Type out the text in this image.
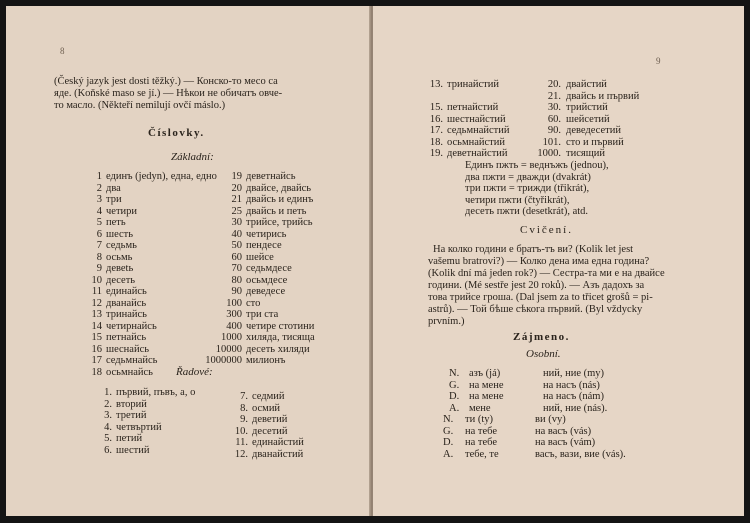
8
(Český jazyk jest dosti těžký.) — Конско-то месо са
яде. (Koňské maso se jí.) — Нѣкои не обичатъ овче-
то масло. (Někteří nemilují ovčí máslo.)
Číslovky.
Základní:
1
2
3
4
5
6
7
8
9
10
11
12
13
14
15
16
17
18
единъ (jedyn), една, едно
два
три
четири
петь
шесть
седьмь
осьмь
девеtь
десеть
единайсь
дванайсь
тринайсь
четирнайсь
петнайсь
шеснайсь
седьмнайсь
осьмнайсь
19
20
21
25
30
40
50
60
70
80
90
100
300
400
1000
10000
1000000
деветнайсь
двайсе, двайсь
двайсь и единъ
двайсь и петь
трийсе, трийсь
четирись
пендесе
шейсе
седьмдесе
осьмдесе
деведесе
сто
три ста
четире стотини
хиляда, тисяща
десеть хиляди
милионъ
Řadové:
1.
2.
3.
4.
5.
6.
първий, пъвъ, а, о
вторий
третий
четвъртий
петий
шестий
7.
8.
9.
10.
11.
12.
седмий
осмий
деветий
десетий
единайстий
дванайстий
9
13.
15.
16.
17.
18.
19.
тринайстий
петнайстий
шестнайстий
седьмнайстий
осьмнайстий
деветнайстий
20.
21.
30.
60.
90.
101.
1000.
двайстий
двайсь и първий
трийстий
шейсетий
деведесетий
сто и първий
тисящий
Единъ пжть = веднъжъ (jednou),
два пжти = дважди (dvakrát)
три пжти = трижди (třikrát),
четири пжти (čtyřikrát),
десеть пжти (desetkrát), atd.
Cvičení.
На колко години е братъ-тъ ви? (Kolik let jest
vašemu bratrovi?) — Колко дена има една година?
(Kolik dní má jeden rok?) — Сестра-та ми е на двайсе
години. (Mé sestře jest 20 roků). — Азъ дадохъ за
това трийсе гроша. (Dal jsem za to třicet grošů = pi-
astrů). — Той бѣше сѣкога първий. (Byl vždycky
prvním.)
Zájmeno.
Osobní.
N.
G.
D.
A.
азъ (já)
на мене
на мене
мене
ний, ние (my)
на насъ (nás)
на насъ (nám)
ний, ние (nás).
N.
G.
D.
A.
ти (ty)
на тебе
на тебе
тебе, те
ви (vy)
на васъ (vás)
на васъ (vám)
васъ, вази, вие (vás).
